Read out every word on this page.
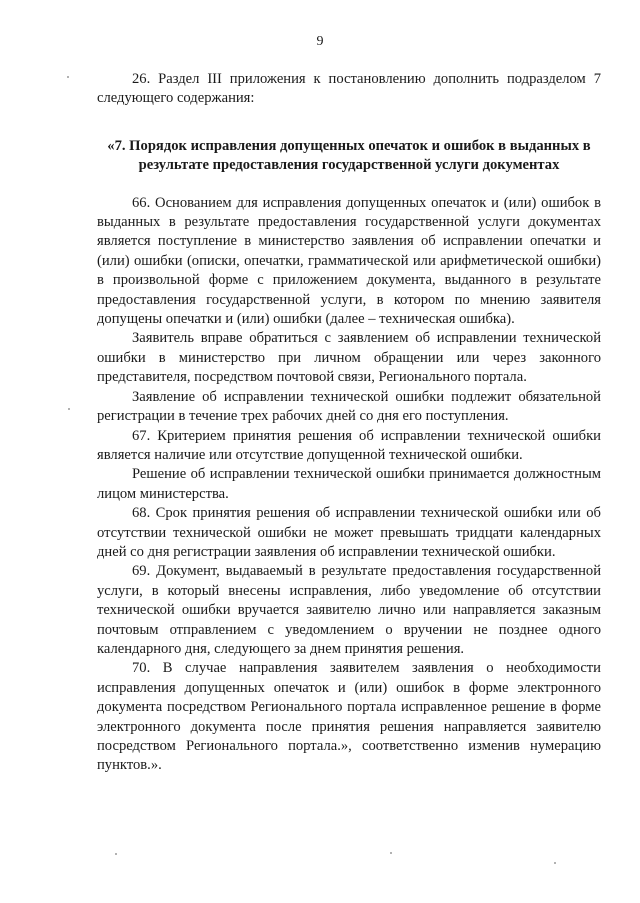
9

26. Раздел III приложения к постановлению дополнить подразделом 7 следующего содержания:

«7. Порядок исправления допущенных опечаток и ошибок в выданных в результате предоставления государственной услуги документах

66. Основанием для исправления допущенных опечаток и (или) ошибок в выданных в результате предоставления государственной услуги документах является поступление в министерство заявления об исправлении опечатки и (или) ошибки (описки, опечатки, грамматической или арифметической ошибки) в произвольной форме с приложением документа, выданного в результате предоставления государственной услуги, в котором по мнению заявителя допущены опечатки и (или) ошибки (далее – техническая ошибка).

Заявитель вправе обратиться с заявлением об исправлении технической ошибки в министерство при личном обращении или через законного представителя, посредством почтовой связи, Регионального портала.

Заявление об исправлении технической ошибки подлежит обязательной регистрации в течение трех рабочих дней со дня его поступления.

67. Критерием принятия решения об исправлении технической ошибки является наличие или отсутствие допущенной технической ошибки.

Решение об исправлении технической ошибки принимается должностным лицом министерства.

68. Срок принятия решения об исправлении технической ошибки или об отсутствии технической ошибки не может превышать тридцати календарных дней со дня регистрации заявления об исправлении технической ошибки.

69. Документ, выдаваемый в результате предоставления государственной услуги, в который внесены исправления, либо уведомление об отсутствии технической ошибки вручается заявителю лично или направляется заказным почтовым отправлением с уведомлением о вручении не позднее одного календарного дня, следующего за днем принятия решения.

70. В случае направления заявителем заявления о необходимости исправления допущенных опечаток и (или) ошибок в форме электронного документа посредством Регионального портала исправленное решение в форме электронного документа после принятия решения направляется заявителю посредством Регионального портала.», соответственно изменив нумерацию пунктов.».
